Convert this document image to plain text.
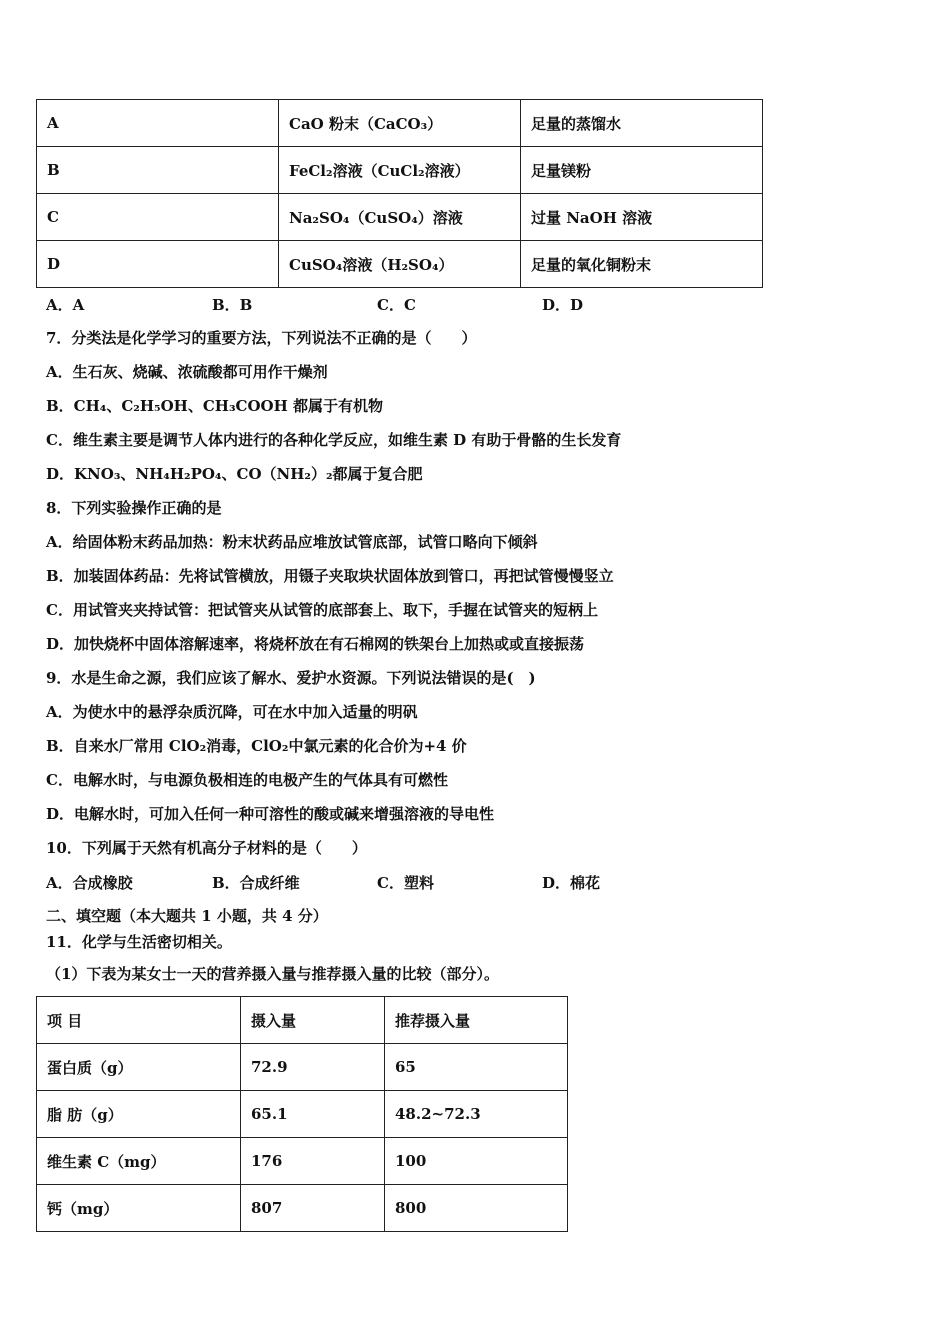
A	CaO 粉末（CaCO₃）	足量的蒸馏水
B	FeCl₂溶液（CuCl₂溶液）	足量镁粉
C	Na₂SO₄（CuSO₄）溶液	过量 NaOH 溶液
D	CuSO₄溶液（H₂SO₄）	足量的氧化铜粉末
A．A	B．B	C．C	D．D
7．分类法是化学学习的重要方法，下列说法不正确的是（　　）
A．生石灰、烧碱、浓硫酸都可用作干燥剂
B．CH₄、C₂H₅OH、CH₃COOH 都属于有机物
C．维生素主要是调节人体内进行的各种化学反应，如维生素 D 有助于骨骼的生长发育
D．KNO₃、NH₄H₂PO₄、CO（NH₂）₂都属于复合肥
8．下列实验操作正确的是
A．给固体粉末药品加热：粉末状药品应堆放试管底部，试管口略向下倾斜
B．加装固体药品：先将试管横放，用镊子夹取块状固体放到管口，再把试管慢慢竖立
C．用试管夹夹持试管：把试管夹从试管的底部套上、取下，手握在试管夹的短柄上
D．加快烧杯中固体溶解速率，将烧杯放在有石棉网的铁架台上加热或或直接振荡
9．水是生命之源，我们应该了解水、爱护水资源。下列说法错误的是(　)
A．为使水中的悬浮杂质沉降，可在水中加入适量的明矾
B．自来水厂常用 ClO₂消毒，ClO₂中氯元素的化合价为+4 价
C．电解水时，与电源负极相连的电极产生的气体具有可燃性
D．电解水时，可加入任何一种可溶性的酸或碱来增强溶液的导电性
10．下列属于天然有机高分子材料的是（　　）
A．合成橡胶	B．合成纤维	C．塑料	D．棉花
二、填空题（本大题共 1 小题，共 4 分）
11．化学与生活密切相关。
（1）下表为某女士一天的营养摄入量与推荐摄入量的比较（部分）。
项 目	摄入量	推荐摄入量
蛋白质（g）	72.9	65
脂 肪（g）	65.1	48.2~72.3
维生素 C（mg）	176	100
钙（mg）	807	800
